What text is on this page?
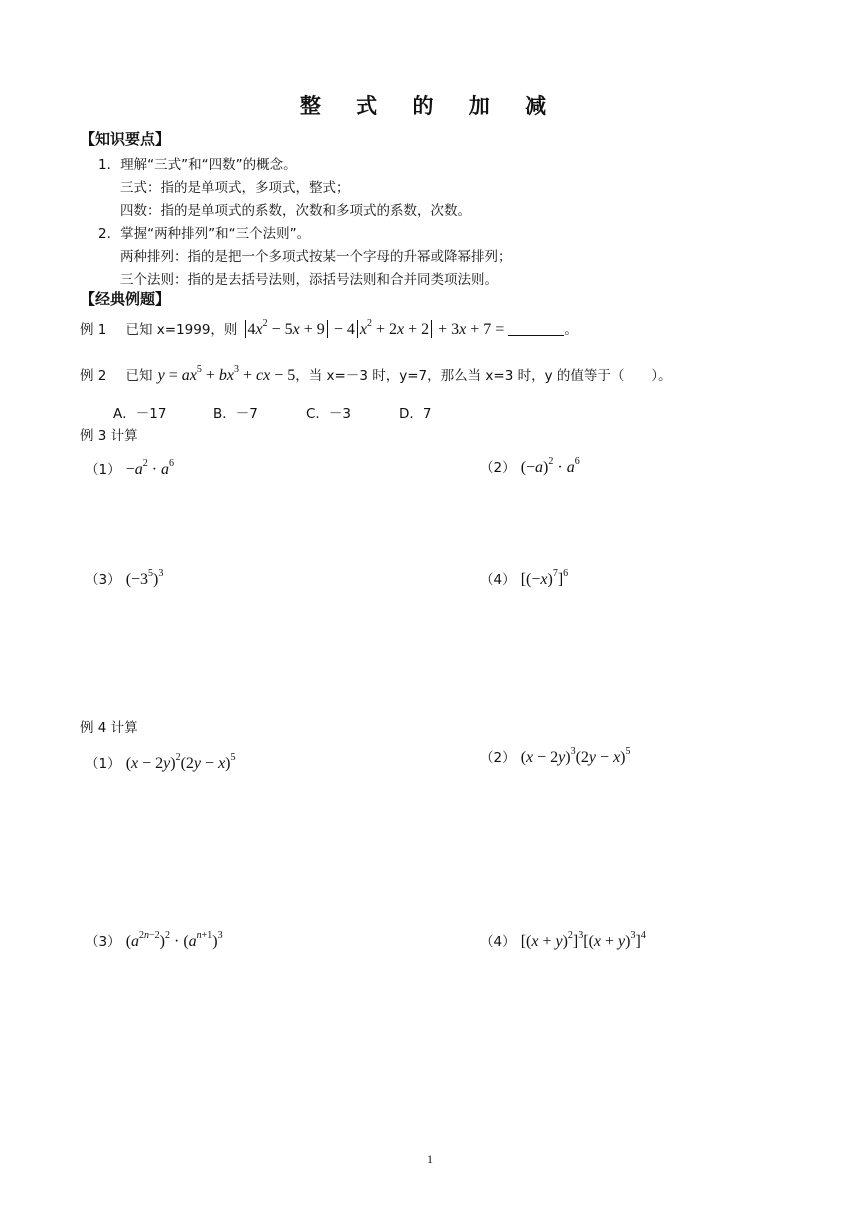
整 式 的 加 减
【知识要点】
1．理解“三式”和“四数”的概念。
三式：指的是单项式，多项式，整式；
四数：指的是单项式的系数，次数和多项式的系数，次数。
2．掌握“两种排列”和“三个法则”。
两种排列：指的是把一个多项式按某一个字母的升幂或降幂排列；
三个法则：指的是去括号法则，添括号法则和合并同类项法则。
【经典例题】
例 1 已知 x=1999，则 $4x^2 - 5x + 9 - 4$ $x^2 + 2x + 2 + 3x + 7$ =	。
例 2 已知 $y = ax^5 + bx^3$ + cx − 5，当 x=－3 时，y=7，那么当 x=3 时，y 的值等于（　　）。
A．－17	B．－7	C．－3	D．7
例 3 计算
$(1) -a^2 \cdot a^6$	（2） $(-a)^2 \cdot a^6$
（3） $(-3^5)^3$	（4） $[(-x)^7]^6$
例 4 计算
（1） $(x - 2y)^2(2y - x)^5$	（2） $(x - 2y)^3(2y - x)^5$
（3） $(a^{2n-2})^2 \cdot (a^{n+1})^3$	（4） $[(x + y)^2]^3[(x + y)^3]^4$
1
